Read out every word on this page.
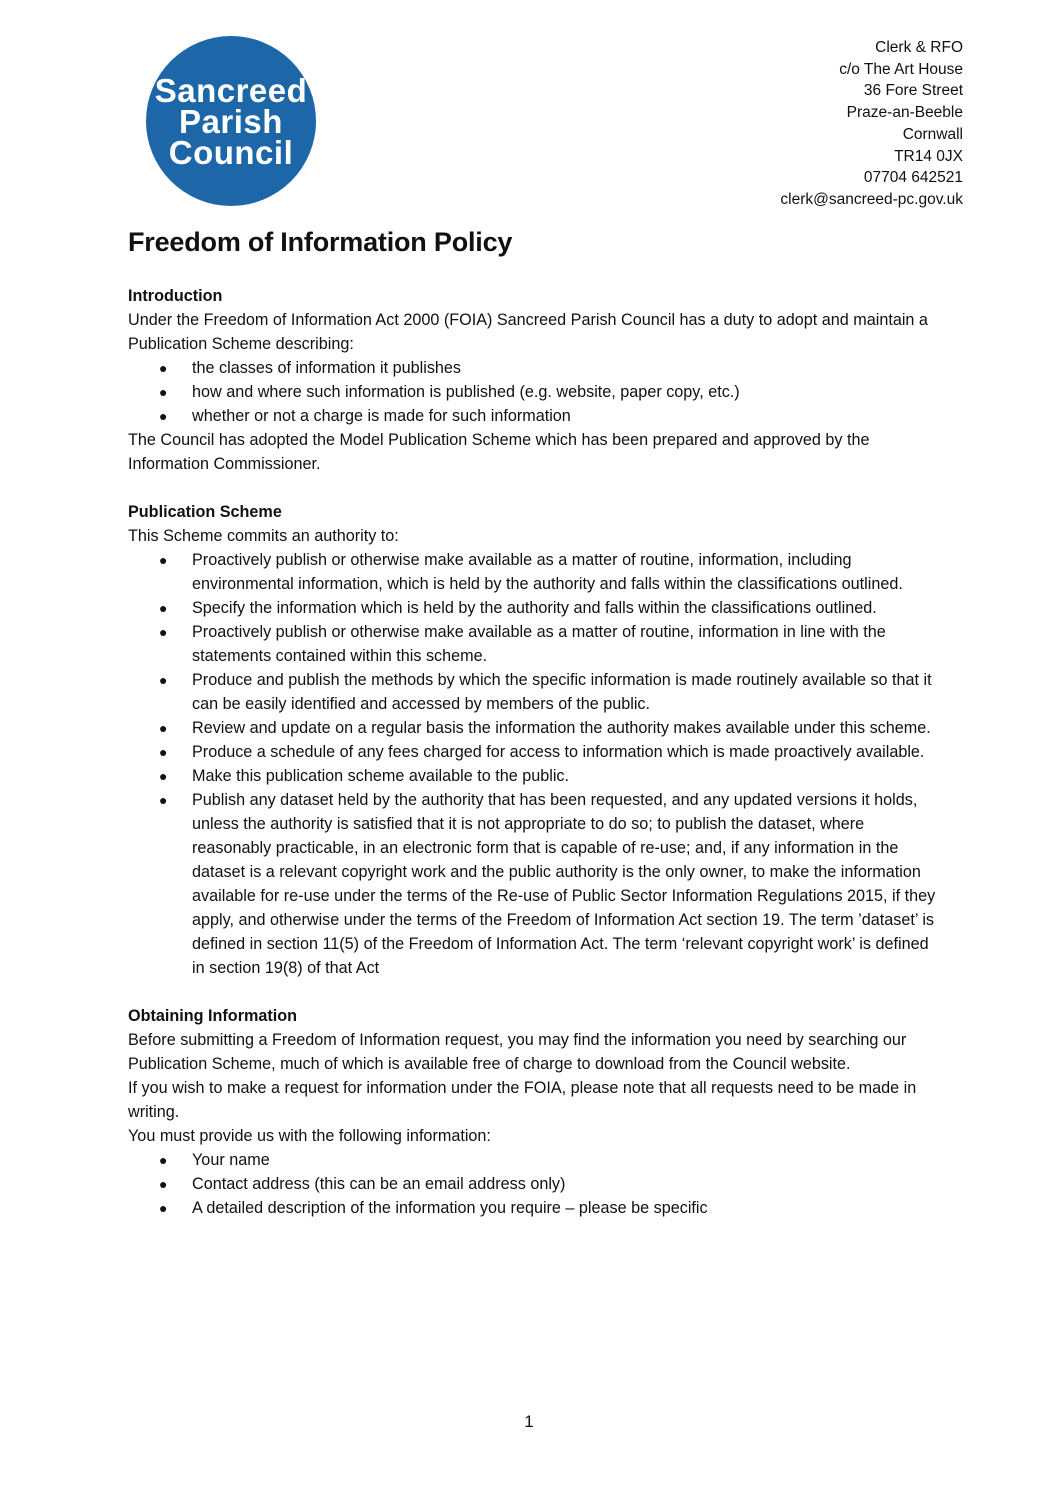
Sancreed
Parish
Council
Clerk & RFO
c/o The Art House
36 Fore Street
Praze-an-Beeble
Cornwall
TR14 0JX
07704 642521
clerk@sancreed-pc.gov.uk
Freedom of Information Policy

Introduction

Under the Freedom of Information Act 2000 (FOIA) Sancreed Parish Council has a duty to adopt and maintain a Publication Scheme describing:

● the classes of information it publishes
● how and where such information is published (e.g. website, paper copy, etc.)
● whether or not a charge is made for such information

The Council has adopted the Model Publication Scheme which has been prepared and approved by the Information Commissioner.

Publication Scheme

This Scheme commits an authority to:

● Proactively publish or otherwise make available as a matter of routine, information, including environmental information, which is held by the authority and falls within the classifications outlined.
● Specify the information which is held by the authority and falls within the classifications outlined.
● Proactively publish or otherwise make available as a matter of routine, information in line with the statements contained within this scheme.
● Produce and publish the methods by which the specific information is made routinely available so that it can be easily identified and accessed by members of the public.
● Review and update on a regular basis the information the authority makes available under this scheme.
● Produce a schedule of any fees charged for access to information which is made proactively available.
● Make this publication scheme available to the public.
● Publish any dataset held by the authority that has been requested, and any updated versions it holds, unless the authority is satisfied that it is not appropriate to do so; to publish the dataset, where reasonably practicable, in an electronic form that is capable of re-use; and, if any information in the dataset is a relevant copyright work and the public authority is the only owner, to make the information available for re-use under the terms of the Re-use of Public Sector Information Regulations 2015, if they apply, and otherwise under the terms of the Freedom of Information Act section 19. The term ’dataset’ is defined in section 11(5) of the Freedom of Information Act. The term ‘relevant copyright work’ is defined in section 19(8) of that Act

Obtaining Information

Before submitting a Freedom of Information request, you may find the information you need by searching our Publication Scheme, much of which is available free of charge to download from the Council website.

If you wish to make a request for information under the FOIA, please note that all requests need to be made in writing.

You must provide us with the following information:

● Your name
● Contact address (this can be an email address only)
● A detailed description of the information you require – please be specific
1
